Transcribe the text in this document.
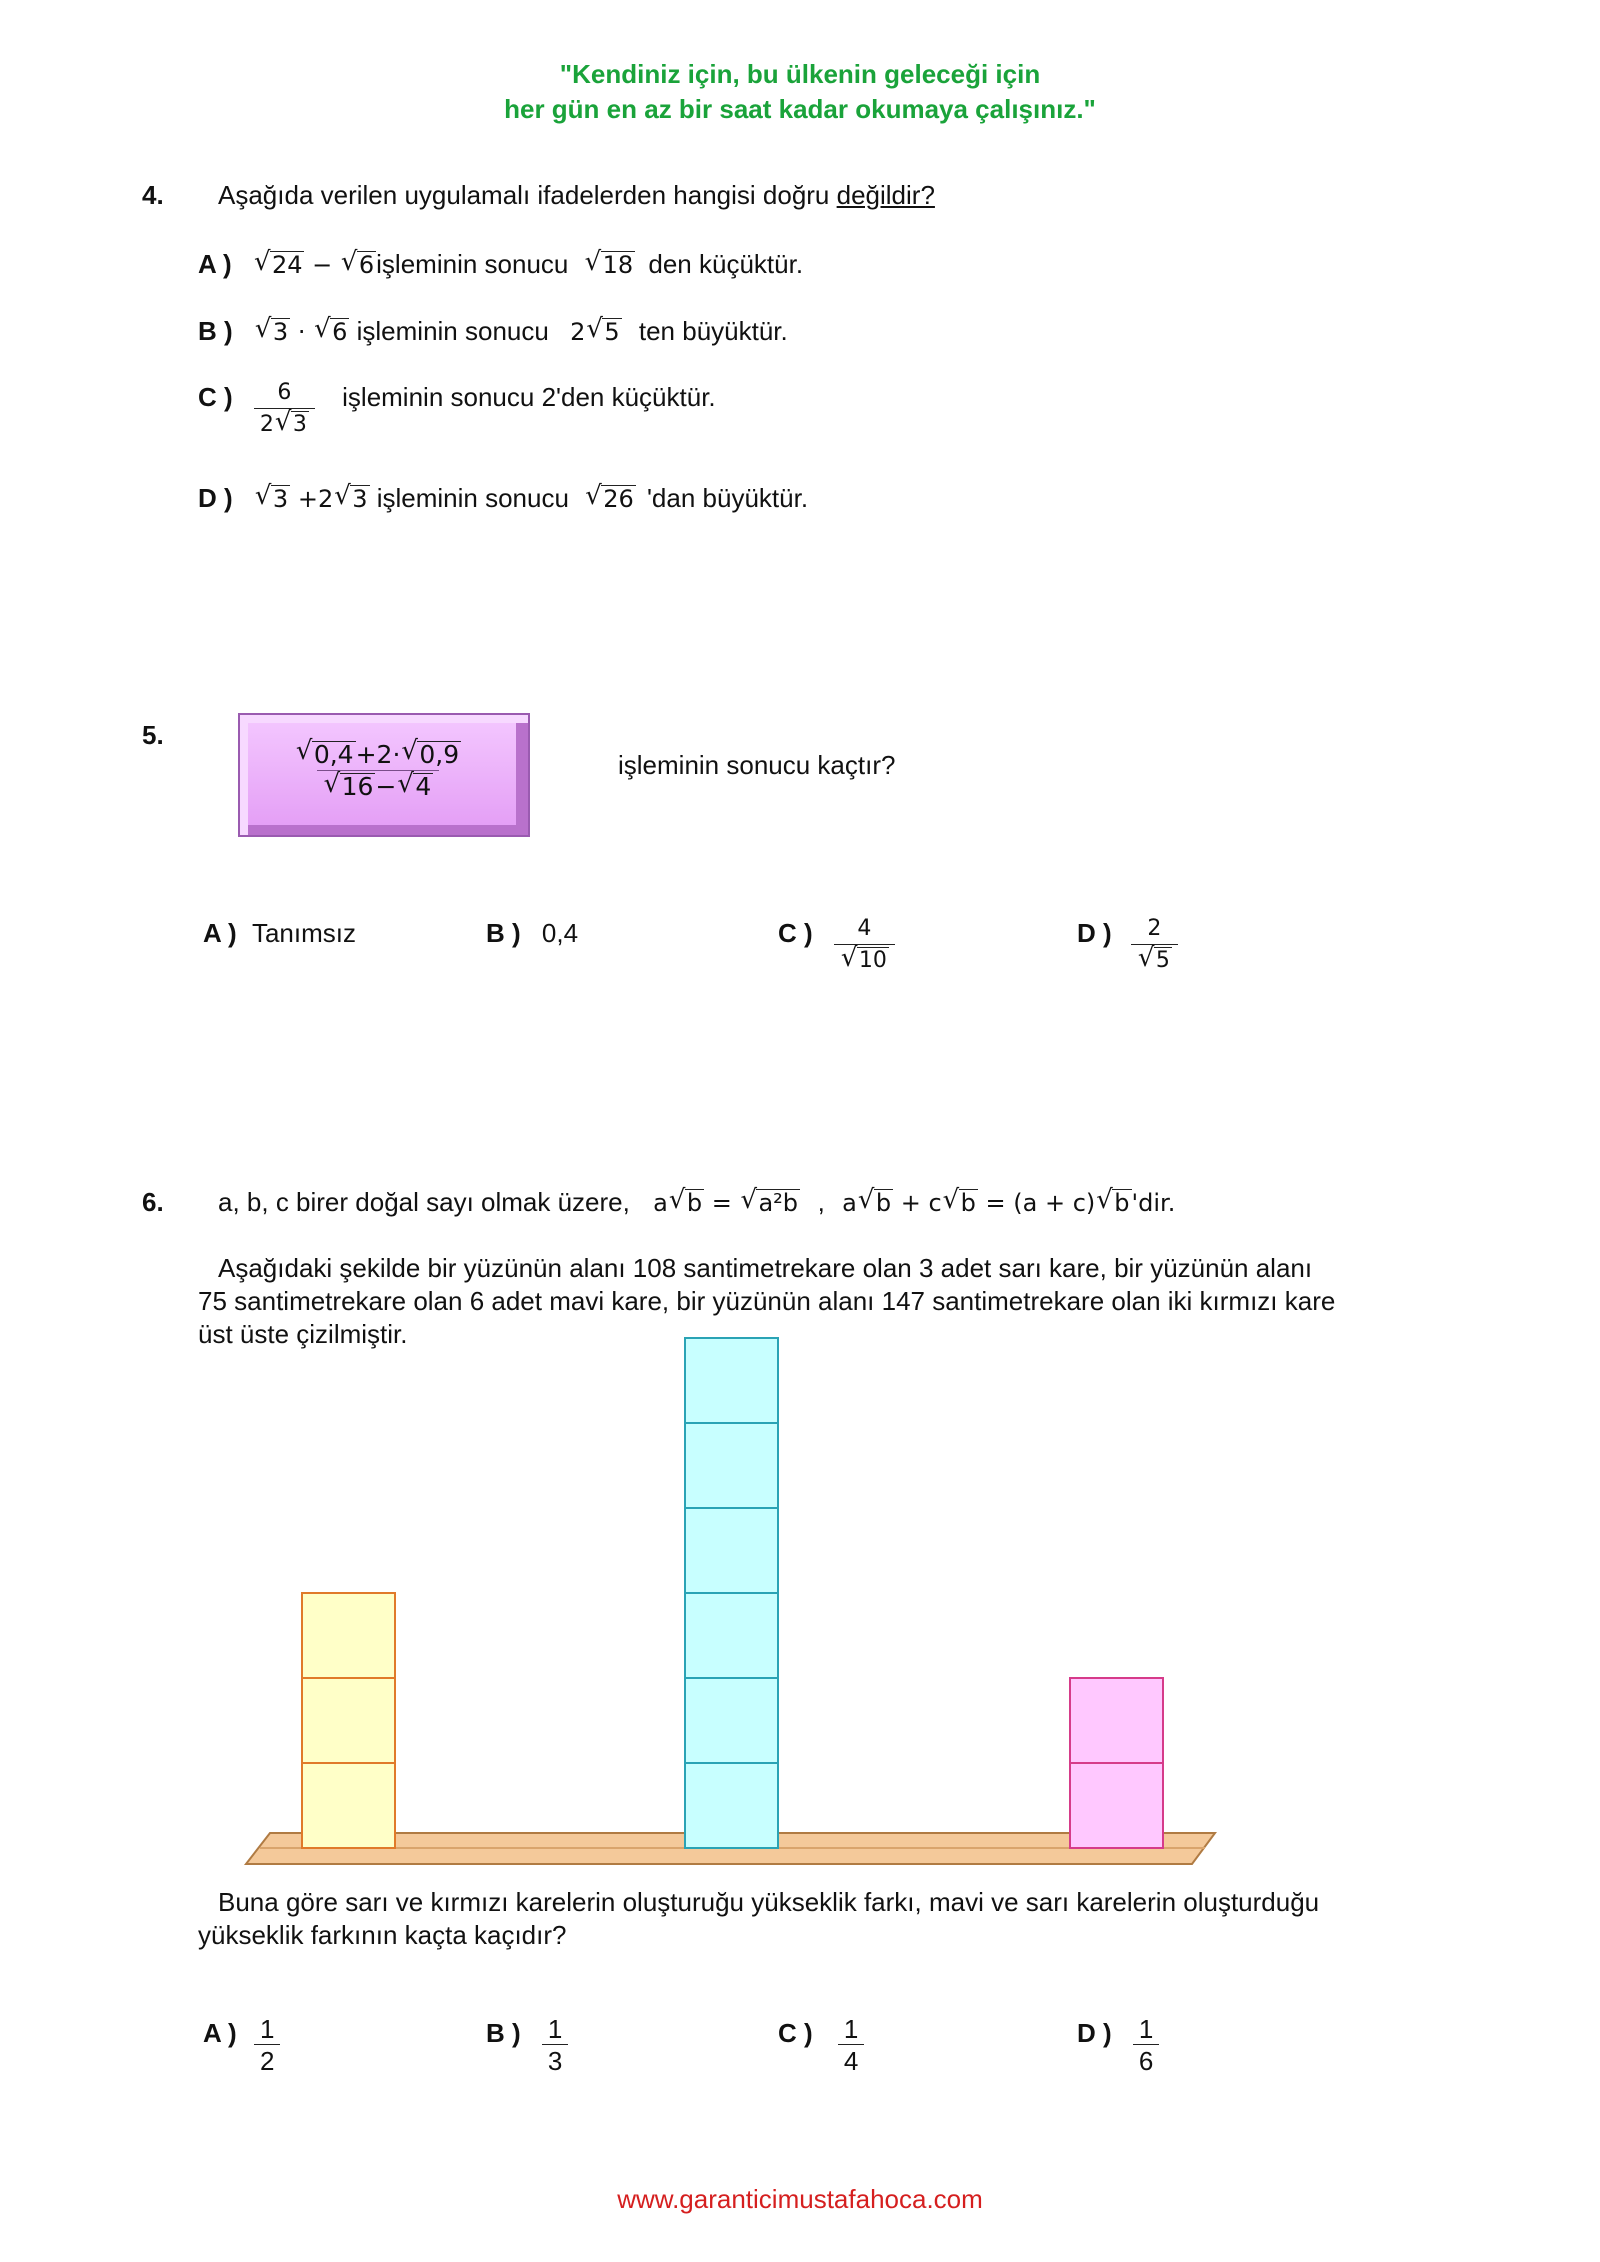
"Kendiniz için, bu ülkenin geleceği için
her gün en az bir saat kadar okumaya çalışınız."
4. Aşağıda verilen uygulamalı ifadelerden hangisi doğru değildir?
A ) √ 24 − √ 6işleminin sonucu √ 18 den küçüktür.
B ) √ 3 · √ 6 işleminin sonucu 2 √ 5 ten büyüktür.
C ) $\frac{6}{2 √ 3}$ işleminin sonucu 2'den küçüktür.
D ) √ 3 +2 √ 3 işleminin sonucu √ 26 'dan büyüktür.
5.
$\frac{√ 0,4+2\cdot √ 0,9}{√ 16- √ 4}$	işleminin sonucu kaçtır?
A ) Tanımsız	B ) 0,4	C ) $\frac{4}{√ 10}$	D ) $\frac{2}{√ 5}$
6. a, b, c birer doğal sayı olmak üzere, a √ b = √ a²b , a √ b + c √ b = (a + c) √ b'dir.
Aşağıdaki şekilde bir yüzünün alanı 108 santimetrekare olan 3 adet sarı kare, bir yüzünün alanı
75 santimetrekare olan 6 adet mavi kare, bir yüzünün alanı 147 santimetrekare olan iki kırmızı kare
üst üste çizilmiştir.
Buna göre sarı ve kırmızı karelerin oluşturuğu yükseklik farkı, mavi ve sarı karelerin oluşturduğu
yükseklik farkının kaçta kaçıdır?
A ) $\frac{1}{2}$	B ) $\frac{1}{3}$	C ) $\frac{1}{4}$	D ) $\frac{1}{6}$
www.garanticimustafahoca.com
